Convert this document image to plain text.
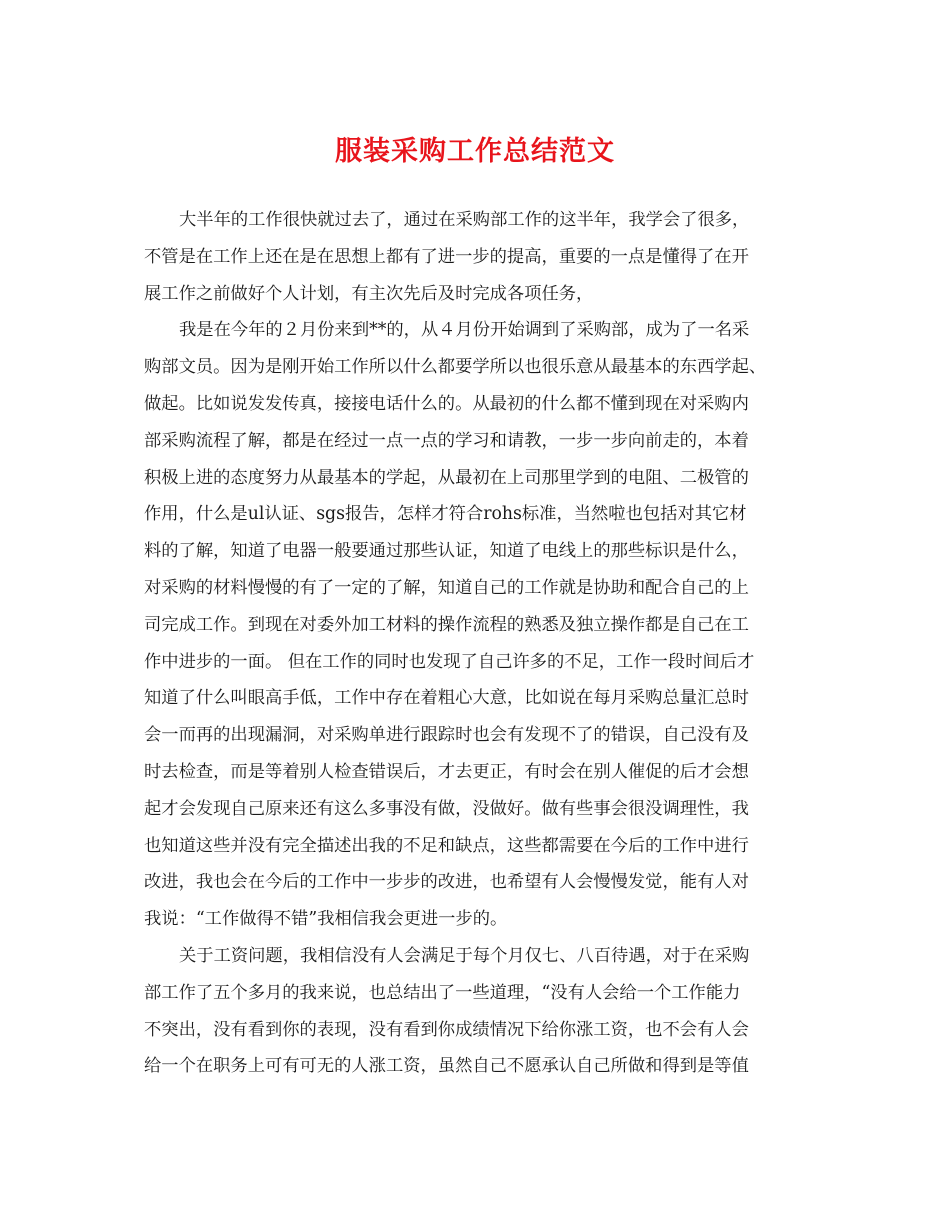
服装采购工作总结范文
大半年的工作很快就过去了，通过在采购部工作的这半年，我学会了很多，
不管是在工作上还在是在思想上都有了进一步的提高，重要的一点是懂得了在开
展工作之前做好个人计划，有主次先后及时完成各项任务，
我是在今年的２月份来到**的，从４月份开始调到了采购部，成为了一名采
购部文员。因为是刚开始工作所以什么都要学所以也很乐意从最基本的东西学起、
做起。比如说发发传真，接接电话什么的。从最初的什么都不懂到现在对采购内
部采购流程了解，都是在经过一点一点的学习和请教，一步一步向前走的，本着
积极上进的态度努力从最基本的学起，从最初在上司那里学到的电阻、二极管的
作用，什么是ul认证、sgs报告，怎样才符合rohs标准，当然啦也包括对其它材
料的了解，知道了电器一般要通过那些认证，知道了电线上的那些标识是什么，
对采购的材料慢慢的有了一定的了解，知道自己的工作就是协助和配合自己的上
司完成工作。到现在对委外加工材料的操作流程的熟悉及独立操作都是自己在工
作中进步的一面。 但在工作的同时也发现了自己许多的不足，工作一段时间后才
知道了什么叫眼高手低，工作中存在着粗心大意，比如说在每月采购总量汇总时
会一而再的出现漏洞，对采购单进行跟踪时也会有发现不了的错误，自己没有及
时去检查，而是等着别人检查错误后，才去更正，有时会在别人催促的后才会想
起才会发现自己原来还有这么多事没有做，没做好。做有些事会很没调理性，我
也知道这些并没有完全描述出我的不足和缺点，这些都需要在今后的工作中进行
改进，我也会在今后的工作中一步步的改进，也希望有人会慢慢发觉，能有人对
我说：“工作做得不错”我相信我会更进一步的。
关于工资问题，我相信没有人会满足于每个月仅七、八百待遇，对于在采购
部工作了五个多月的我来说，也总结出了一些道理，“没有人会给一个工作能力
不突出，没有看到你的表现，没有看到你成绩情况下给你涨工资，也不会有人会
给一个在职务上可有可无的人涨工资，虽然自己不愿承认自己所做和得到是等值
